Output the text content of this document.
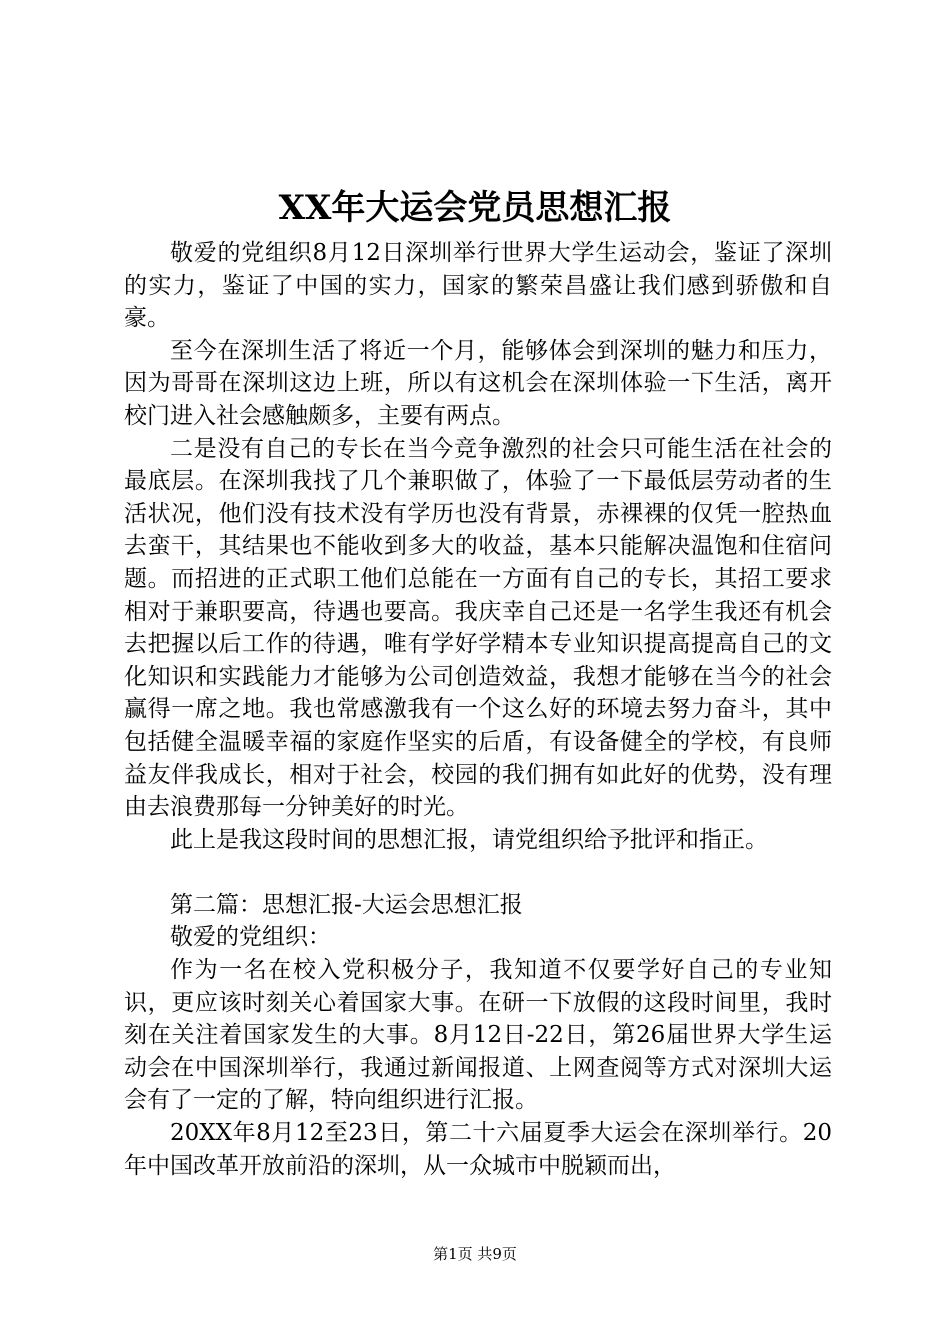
XX年大运会党员思想汇报

敬爱的党组织8月12日深圳举行世界大学生运动会，鉴证了深圳的实力，鉴证了中国的实力，国家的繁荣昌盛让我们感到骄傲和自豪。

至今在深圳生活了将近一个月，能够体会到深圳的魅力和压力，因为哥哥在深圳这边上班，所以有这机会在深圳体验一下生活，离开校门进入社会感触颇多，主要有两点。

二是没有自己的专长在当今竞争激烈的社会只可能生活在社会的最底层。在深圳我找了几个兼职做了，体验了一下最低层劳动者的生活状况，他们没有技术没有学历也没有背景，赤裸裸的仅凭一腔热血去蛮干，其结果也不能收到多大的收益，基本只能解决温饱和住宿问题。而招进的正式职工他们总能在一方面有自己的专长，其招工要求相对于兼职要高，待遇也要高。我庆幸自己还是一名学生我还有机会去把握以后工作的待遇，唯有学好学精本专业知识提高提高自己的文化知识和实践能力才能够为公司创造效益，我想才能够在当今的社会赢得一席之地。我也常感激我有一个这么好的环境去努力奋斗，其中包括健全温暖幸福的家庭作坚实的后盾，有设备健全的学校，有良师益友伴我成长，相对于社会，校园的我们拥有如此好的优势，没有理由去浪费那每一分钟美好的时光。

此上是我这段时间的思想汇报，请党组织给予批评和指正。

第二篇：思想汇报-大运会思想汇报

敬爱的党组织：

作为一名在校入党积极分子，我知道不仅要学好自己的专业知识，更应该时刻关心着国家大事。在研一下放假的这段时间里，我时刻在关注着国家发生的大事。8月12日-22日，第26届世界大学生运动会在中国深圳举行，我通过新闻报道、上网查阅等方式对深圳大运会有了一定的了解，特向组织进行汇报。

20XX年8月12至23日，第二十六届夏季大运会在深圳举行。20年中国改革开放前沿的深圳，从一众城市中脱颖而出，

第1页 共9页
